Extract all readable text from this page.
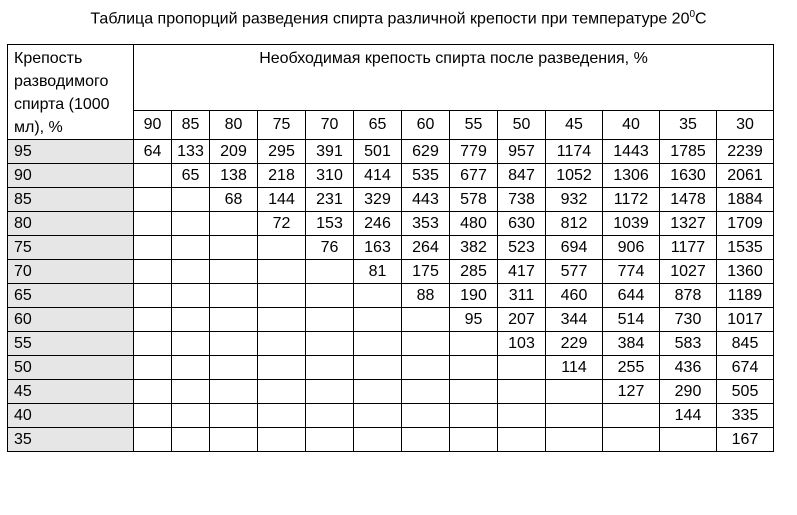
Таблица пропорций разведения спирта различной крепости при температуре $20^0С$
Крепость разводимого спирта (1000 мл), %	Необходимая крепость спирта после разведения, %												
	90	85	80	75	70	65	60	55	50	45	40	35	30
95	64	133	209	295	391	501	629	779	957	1174	1443	1785	2239
90		65	138	218	310	414	535	677	847	1052	1306	1630	2061
85			68	144	231	329	443	578	738	932	1172	1478	1884
80				72	153	246	353	480	630	812	1039	1327	1709
75					76	163	264	382	523	694	906	1177	1535
70						81	175	285	417	577	774	1027	1360
65							88	190	311	460	644	878	1189
60								95	207	344	514	730	1017
55									103	229	384	583	845
50										114	255	436	674
45											127	290	505
40												144	335
35													167
